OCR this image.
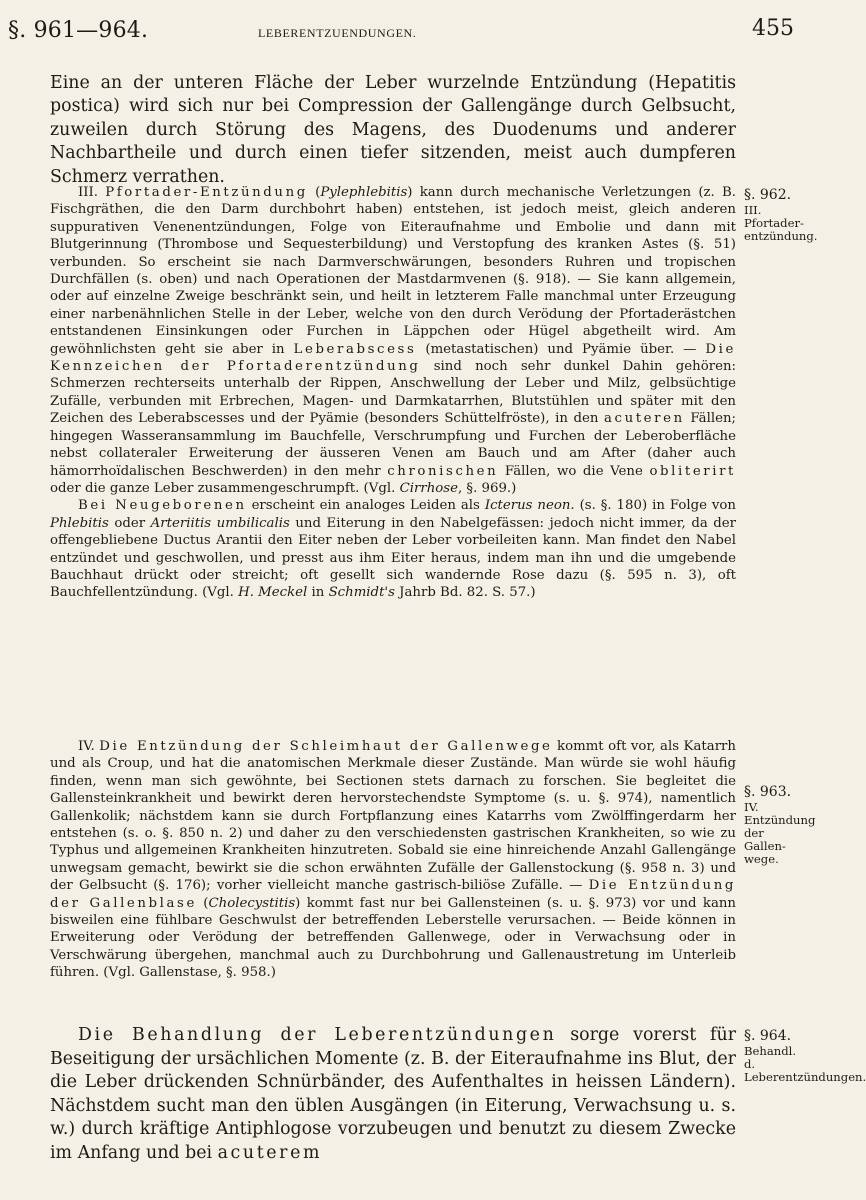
§. 961—964.	LEBERENTZUENDUNGEN.	455
Eine an der unteren Fläche der Leber wurzelnde Entzündung (Hepatitis postica) wird sich nur bei Compression der Gallengänge durch Gelbsucht, zuweilen durch Störung des Magens, des Duodenums und anderer Nachbartheile und durch einen tiefer sitzenden, meist auch dumpferen Schmerz verrathen.

III. Pfortader-Entzündung (Pylephlebitis) kann durch mechanische Verletzungen (z. B. Fischgräthen, die den Darm durchbohrt haben) entstehen, ist jedoch meist, gleich anderen suppurativen Venenentzündungen, Folge von Eiteraufnahme und Embolie und dann mit Blutgerinnung (Thrombose und Sequesterbildung) und Verstopfung des kranken Astes (§. 51) verbunden. So erscheint sie nach Darmverschwärungen, besonders Ruhren und tropischen Durchfällen (s. oben) und nach Operationen der Mastdarmvenen (§. 918). — Sie kann allgemein, oder auf einzelne Zweige beschränkt sein, und heilt in letzterem Falle manchmal unter Erzeugung einer narbenähnlichen Stelle in der Leber, welche von den durch Verödung der Pfortaderästchen entstandenen Einsinkungen oder Furchen in Läppchen oder Hügel abgetheilt wird. Am gewöhnlichsten geht sie aber in Leberabscess (metastatischen) und Pyämie über. — Die Kennzeichen der Pfortaderentzündung sind noch sehr dunkel Dahin gehören: Schmerzen rechterseits unterhalb der Rippen, Anschwellung der Leber und Milz, gelbsüchtige Zufälle, verbunden mit Erbrechen, Magen- und Darmkatarrhen, Blutstühlen und später mit den Zeichen des Leberabscesses und der Pyämie (besonders Schüttelfröste), in den acuteren Fällen; hingegen Wasseransammlung im Bauchfelle, Verschrumpfung und Furchen der Leberoberfläche nebst collateraler Erweiterung der äusseren Venen am Bauch und am After (daher auch hämorrhoïdalischen Beschwerden) in den mehr chronischen Fällen, wo die Vene obliterirt oder die ganze Leber zusammengeschrumpft. (Vgl. Cirrhose, §. 969.)

Bei Neugeborenen erscheint ein analoges Leiden als Icterus neon. (s. §. 180) in Folge von Phlebitis oder Arteriitis umbilicalis und Eiterung in den Nabelgefässen: jedoch nicht immer, da der offengebliebene Ductus Arantii den Eiter neben der Leber vorbeileiten kann. Man findet den Nabel entzündet und geschwollen, und presst aus ihm Eiter heraus, indem man ihn und die umgebende Bauchhaut drückt oder streicht; oft gesellt sich wandernde Rose dazu (§. 595 n. 3), oft Bauchfellentzündung. (Vgl. H. Meckel in Schmidt's Jahrb Bd. 82. S. 57.)

IV. Die Entzündung der Schleimhaut der Gallenwege kommt oft vor, als Katarrh und als Croup, und hat die anatomischen Merkmale dieser Zustände. Man würde sie wohl häufig finden, wenn man sich gewöhnte, bei Sectionen stets darnach zu forschen. Sie begleitet die Gallensteinkrankheit und bewirkt deren hervorstechendste Symptome (s. u. §. 974), namentlich Gallenkolik; nächstdem kann sie durch Fortpflanzung eines Katarrhs vom Zwölffingerdarm her entstehen (s. o. §. 850 n. 2) und daher zu den verschiedensten gastrischen Krankheiten, so wie zu Typhus und allgemeinen Krankheiten hinzutreten. Sobald sie eine hinreichende Anzahl Gallengänge unwegsam gemacht, bewirkt sie die schon erwähnten Zufälle der Gallenstockung (§. 958 n. 3) und der Gelbsucht (§. 176); vorher vielleicht manche gastrisch-biliöse Zufälle. — Die Entzündung der Gallenblase (Cholecystitis) kommt fast nur bei Gallensteinen (s. u. §. 973) vor und kann bisweilen eine fühlbare Geschwulst der betreffenden Leberstelle verursachen. — Beide können in Erweiterung oder Verödung der betreffenden Gallenwege, oder in Verwachsung oder in Verschwärung übergehen, manchmal auch zu Durchbohrung und Gallenaustretung im Unterleib führen. (Vgl. Gallenstase, §. 958.)

Die Behandlung der Leberentzündungen sorge vorerst für Beseitigung der ursächlichen Momente (z. B. der Eiteraufnahme ins Blut, der die Leber drückenden Schnürbänder, des Aufenthaltes in heissen Ländern). Nächstdem sucht man den üblen Ausgängen (in Eiterung, Verwachsung u. s. w.) durch kräftige Antiphlogose vorzubeugen und benutzt zu diesem Zwecke im Anfang und bei acuterem
§. 962.
III. Pfortader-entzündung.
§. 963.
IV. Entzündung der Gallen-wege.
§. 964.
Behandl. d. Leberentzündungen.
